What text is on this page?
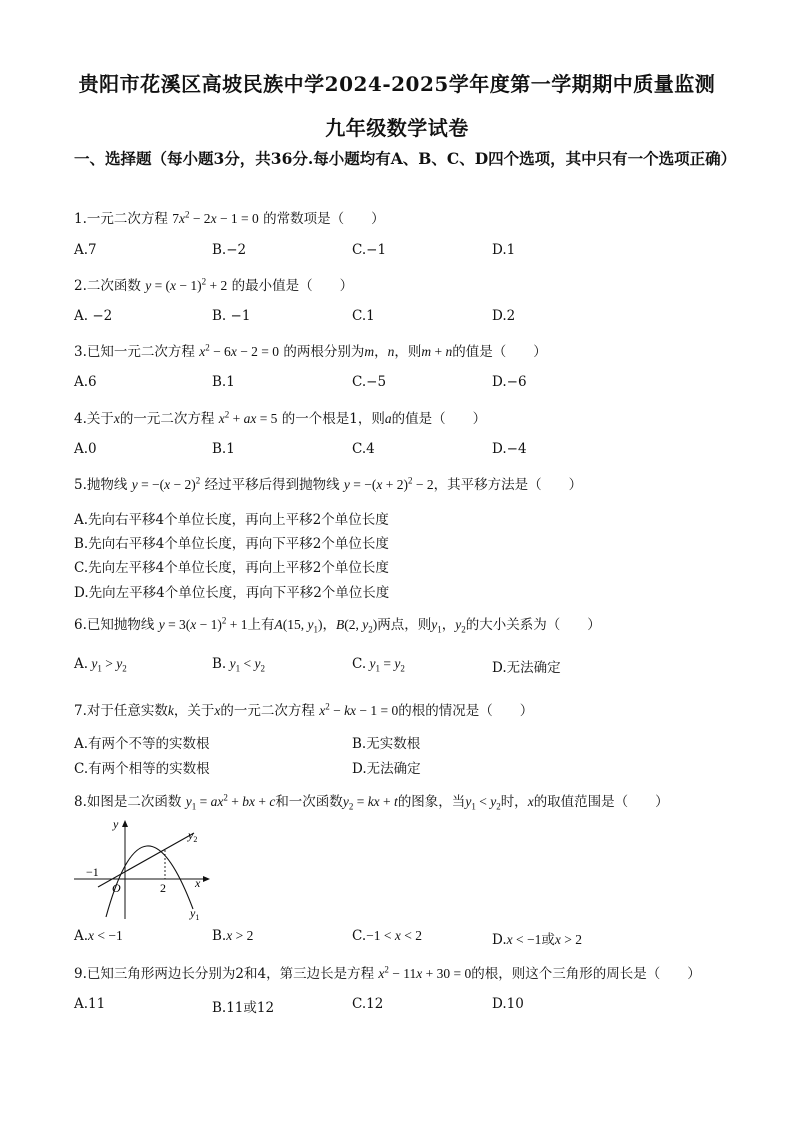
贵阳市花溪区高坡民族中学2024-2025学年度第一学期期中质量监测
九年级数学试卷
一、选择题（每小题3分，共36分.每小题均有A、B、C、D四个选项，其中只有一个选项正确）
1.一元二次方程 $7x^2 - 2x - 1 = 0$ 的常数项是（　　）
A.7	B.−2	C.−1	D.1
2.二次函数 $y = (x - 1)^2 + 2$ 的最小值是（　　）
A. −2	B. −1	C.1	D.2
3.已知一元二次方程 $x^2 - 6x - 2 = 0$ 的两根分别为m，n，则m + n的值是（　　）
A.6	B.1	C.−5	D.−6
4.关于x的一元二次方程 $x^2$ + ax = 5 的一个根是1，则a的值是（　　）
A.0	B.1	C.4	D.−4
5.抛物线 $y = -(x - 2)^2$ 经过平移后得到抛物线 $y = -(x + 2)^2 - 2$，其平移方法是（　　）
A.先向右平移4个单位长度，再向上平移2个单位长度
B.先向右平移4个单位长度，再向下平移2个单位长度
C.先向左平移4个单位长度，再向上平移2个单位长度
D.先向左平移4个单位长度，再向下平移2个单位长度
6.已知抛物线 $y = 3(x - 1)^2 + 1$上有A(15, $y_1$)，B(2, $y_2$)两点，则$y_1$，$y_2$的大小关系为（　　）
A. $y_1 > y_2$	B. $y_1 < y_2$	C. $y_1 = y_2$	D.无法确定
7.对于任意实数k，关于x的一元二次方程 $x^2$ − kx − 1 = 0的根的情况是（　　）
A.有两个不等的实数根	B.无实数根
C.有两个相等的实数根	D.无法确定
8.如图是二次函数 $y_1 = ax^2$ + bx + c和一次函数$y_2$ = kx + t的图象，当$y_1 < y_2$时，x的取值范围是（　　）
y
x
O
−1
2
$y_2$
$y_1$
A.x < −1	B.x > 2	C.−1 < x < 2	D.x < −1或x > 2
9.已知三角形两边长分别为2和4，第三边长是方程 $x^2 - 11x + 30 = 0$的根，则这个三角形的周长是（　　）
A.11	B.11或12	C.12	D.10
